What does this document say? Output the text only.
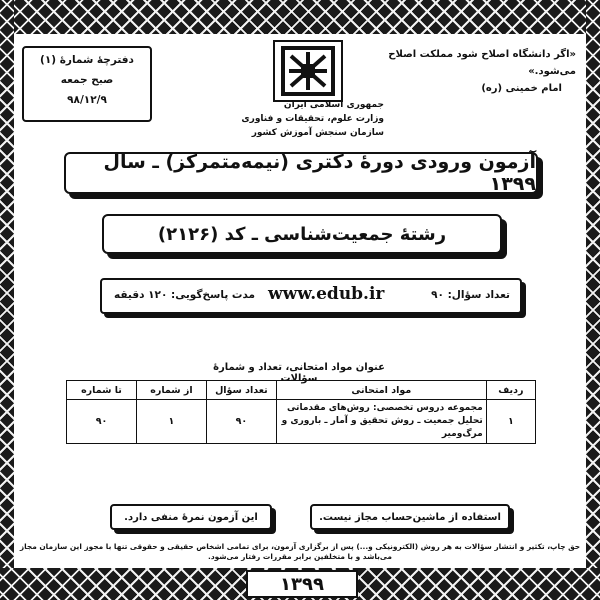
«اگر دانشگاه اصلاح شود مملکت اصلاح می‌شود.»
امام خمینی (ره)
جمهوری اسلامی ایران
وزارت علوم، تحقیقات و فناوری
سازمان سنجش آموزش کشور
دفترچهٔ شمارهٔ (۱)
صبح جمعه
۹۸/۱۲/۹
آزمون ورودی دورهٔ دکتری (نیمه‌متمرکز) ـ سال ۱۳۹۹
رشتهٔ جمعیت‌شناسی ـ کد (۲۱۲۶)
تعداد سؤال: ۹۰
www.edub.ir
مدت پاسخ‌گویی: ۱۲۰ دقیقه
عنوان مواد امتحانی، تعداد و شمارهٔ سؤالات
ردیف	مواد امتحانی	تعداد سؤال	از شماره	تا شماره
۱	مجموعه دروس تخصصی: روش‌های مقدماتی تحلیل جمعیت ـ روش تحقیق و آمار ـ باروری و مرگ‌ومیر	۹۰	۱	۹۰
استفاده از ماشین‌حساب مجاز نیست.
این آزمون نمرهٔ منفی دارد.
حق چاپ، تکثیر و انتشار سؤالات به هر روش (الکترونیکی و...) پس از برگزاری آزمون، برای تمامی اشخاص حقیقی و حقوقی تنها با مجوز این سازمان مجاز می‌باشد و با متخلفین برابر مقررات رفتار می‌شود.
۱۳۹۹
